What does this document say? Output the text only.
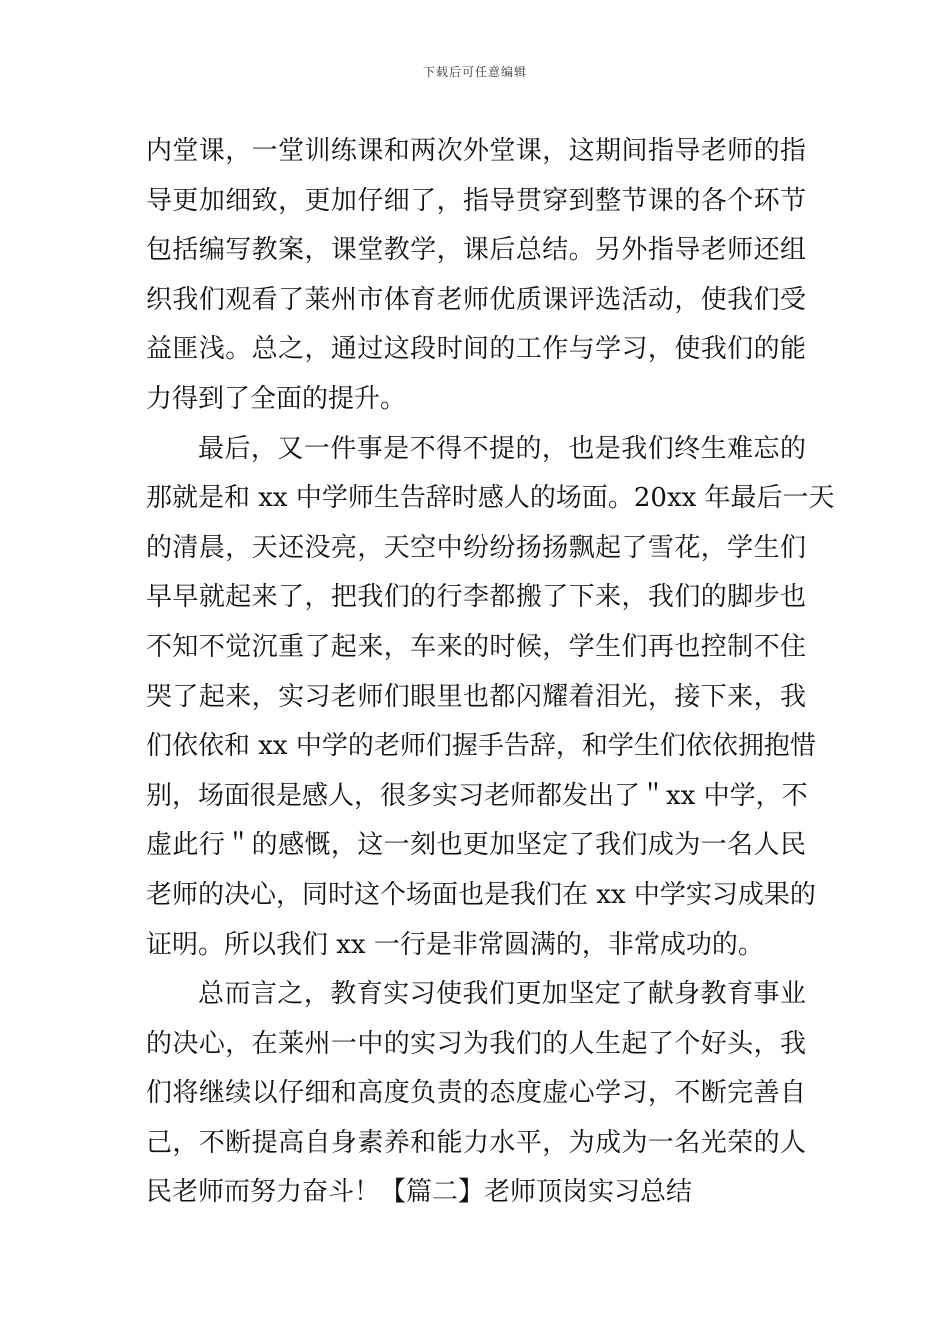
下载后可任意编辑
内堂课，一堂训练课和两次外堂课，这期间指导老师的指
导更加细致，更加仔细了，指导贯穿到整节课的各个环节
包括编写教案，课堂教学，课后总结。另外指导老师还组
织我们观看了莱州市体育老师优质课评选活动，使我们受
益匪浅。总之，通过这段时间的工作与学习，使我们的能
力得到了全面的提升。
最后，又一件事是不得不提的，也是我们终生难忘的
那就是和 xx 中学师生告辞时感人的场面。20xx 年最后一天
的清晨，天还没亮，天空中纷纷扬扬飘起了雪花，学生们
早早就起来了，把我们的行李都搬了下来，我们的脚步也
不知不觉沉重了起来，车来的时候，学生们再也控制不住
哭了起来，实习老师们眼里也都闪耀着泪光，接下来，我
们依依和 xx 中学的老师们握手告辞，和学生们依依拥抱惜
别，场面很是感人，很多实习老师都发出了＂xx 中学，不
虚此行＂的感慨，这一刻也更加坚定了我们成为一名人民
老师的决心，同时这个场面也是我们在 xx 中学实习成果的
证明。所以我们 xx 一行是非常圆满的，非常成功的。
总而言之，教育实习使我们更加坚定了献身教育事业
的决心，在莱州一中的实习为我们的人生起了个好头，我
们将继续以仔细和高度负责的态度虚心学习，不断完善自
己，不断提高自身素养和能力水平，为成为一名光荣的人
民老师而努力奋斗！【篇二】老师顶岗实习总结
